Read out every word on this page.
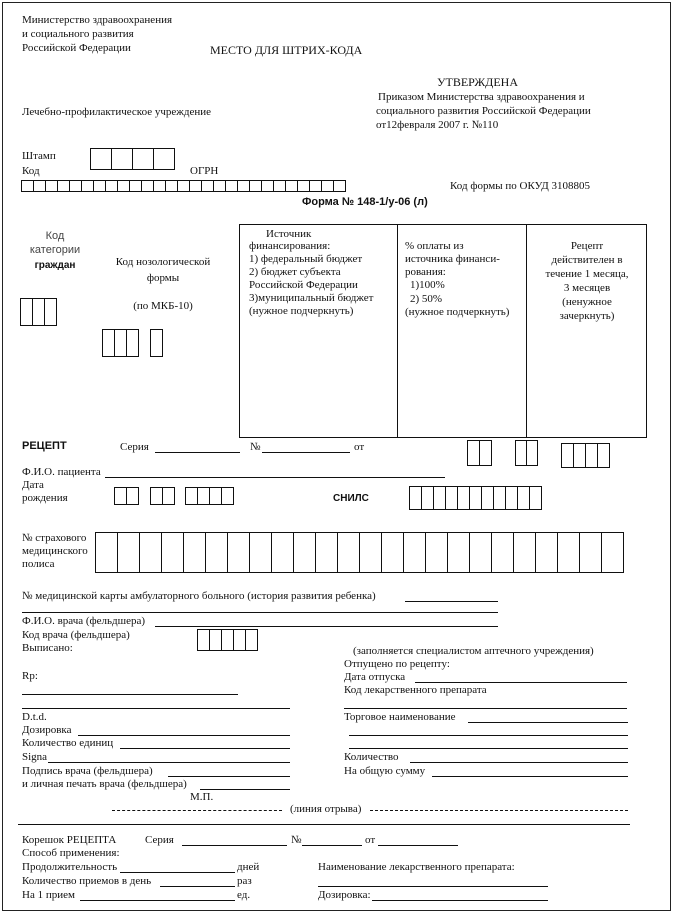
Министерство здравоохранения
и социального развития
Российской Федерации	МЕСТО ДЛЯ ШТРИХ-КОДА
УТВЕРЖДЕНА
Приказом Министерства здравоохранения и
социального развития Российской Федерации
от12февраля 2007 г. №110
Лечебно-профилактическое учреждение
Штамп
Код	ОГРН
Код формы по ОКУД 3108805
Форма № 148-1/у-06 (л)
Код
категории
граждан	Код нозологической
формы
(по МКБ-10)
Источник
финансирования:
1) федеральный бюджет
2) бюджет субъекта
Российской Федерации
3)муниципальный бюджет
(нужное подчеркнуть)
% оплаты из
источника финанси-
рования:
1)100%
2) 50%
(нужное подчеркнуть)
Рецепт
действителен в
течение 1 месяца,
3 месяцев
(ненужное
зачеркнуть)
РЕЦЕПТ	Серия	№	от
Ф.И.О. пациента
Дата
рождения	СНИЛС
№ страхового
медицинского
полиса
№ медицинской карты амбулаторного больного (история развития ребенка)
Ф.И.О. врача (фельдшера)
Код врача (фельдшера)
Выписано:	(заполняется специалистом аптечного учреждения)
Отпущено по рецепту:
Дата отпуска
Код лекарственного препарата
Rp:
D.t.d.	Торговое наименование
Дозировка
Количество единиц
Signa	Количество
Подпись врача (фельдшера)	На общую сумму
и личная печать врача (фельдшера)
М.П.
(линия отрыва)
Корешок РЕЦЕПТА	Серия	№	от
Способ применения:
Продолжительность	дней	Наименование лекарственного препарата:
Количество приемов в день	раз
На 1 прием	ед.	Дозировка:
